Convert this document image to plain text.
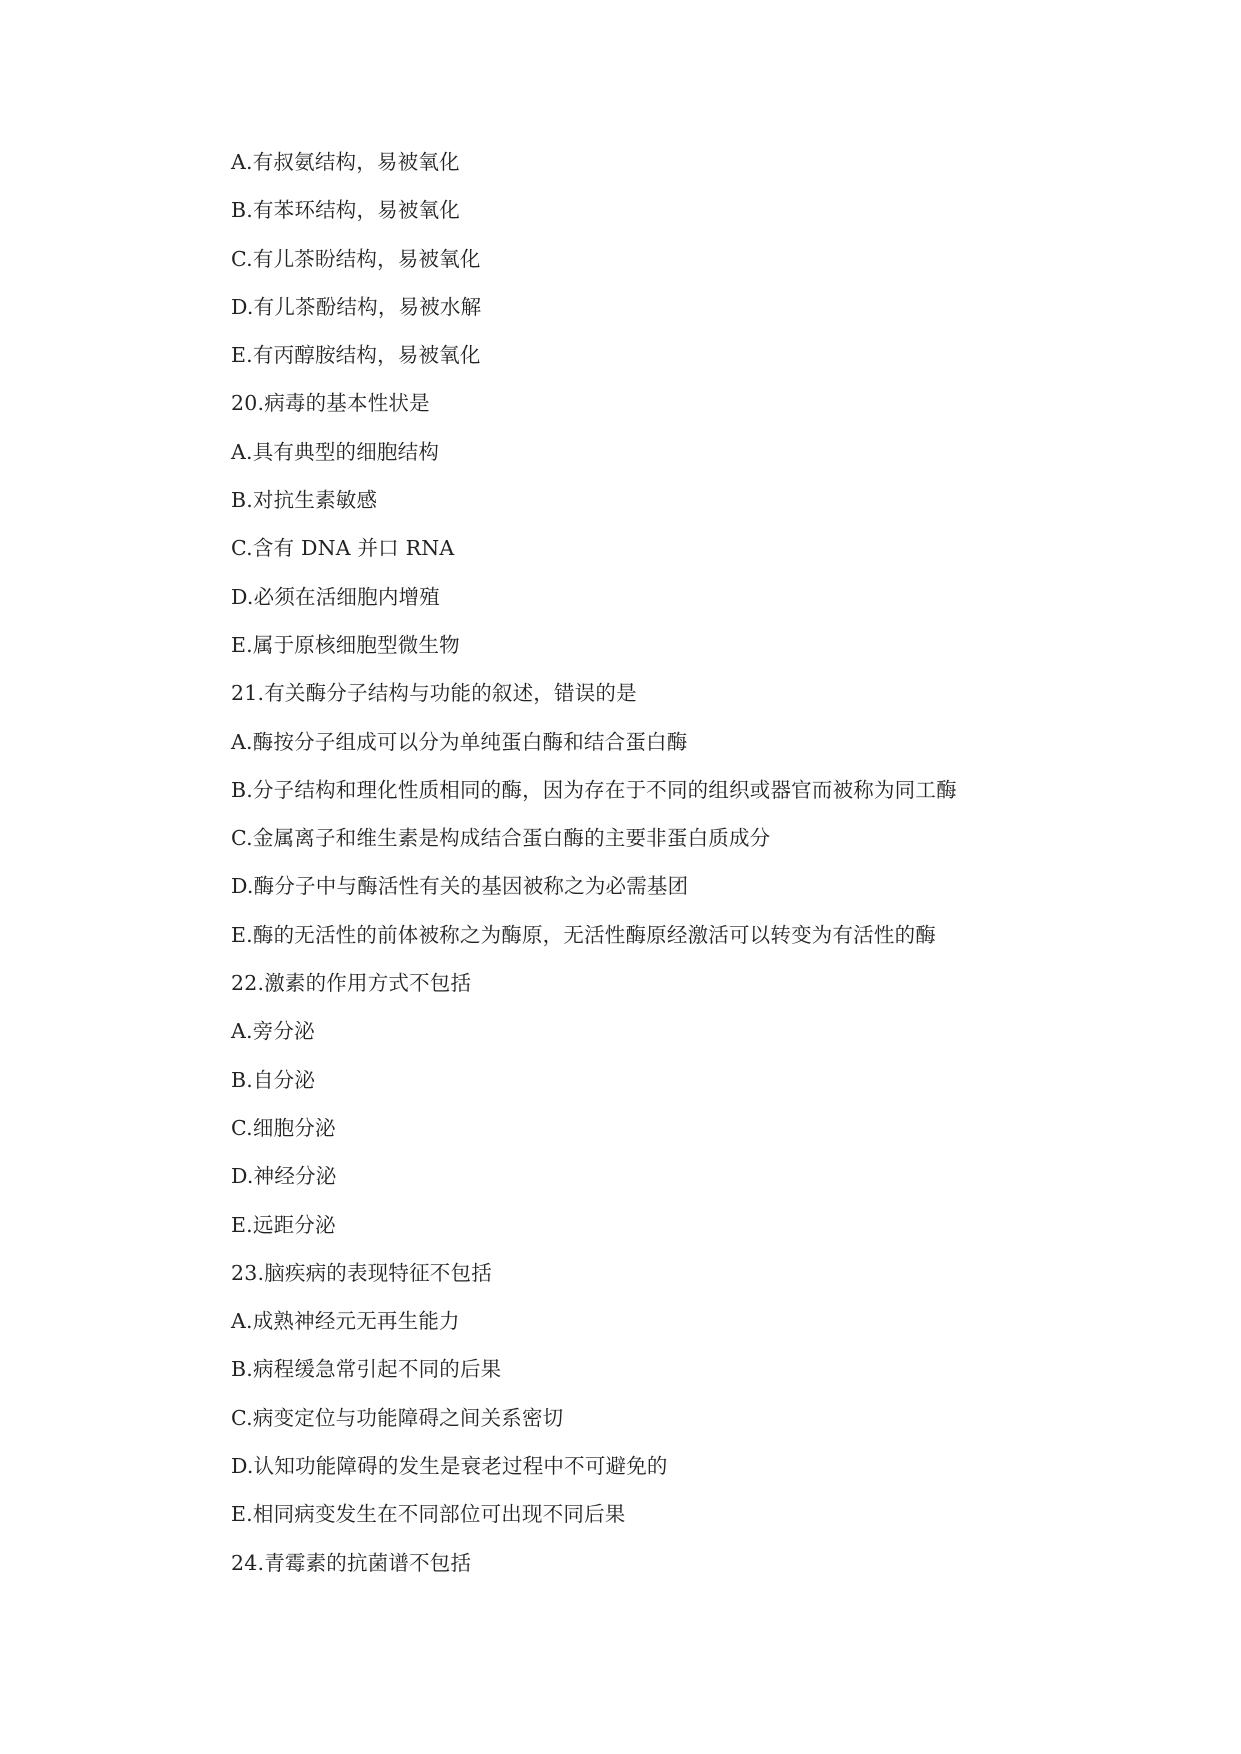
A.有叔氨结构，易被氧化
B.有苯环结构，易被氧化
C.有儿茶盼结构，易被氧化
D.有儿茶酚结构，易被水解
E.有丙醇胺结构，易被氧化
20.病毒的基本性状是
A.具有典型的细胞结构
B.对抗生素敏感
C.含有 DNA 并口 RNA
D.必须在活细胞内增殖
E.属于原核细胞型微生物
21.有关酶分子结构与功能的叙述，错误的是
A.酶按分子组成可以分为单纯蛋白酶和结合蛋白酶
B.分子结构和理化性质相同的酶，因为存在于不同的组织或器官而被称为同工酶
C.金属离子和维生素是构成结合蛋白酶的主要非蛋白质成分
D.酶分子中与酶活性有关的基因被称之为必需基团
E.酶的无活性的前体被称之为酶原，无活性酶原经激活可以转变为有活性的酶
22.激素的作用方式不包括
A.旁分泌
B.自分泌
C.细胞分泌
D.神经分泌
E.远距分泌
23.脑疾病的表现特征不包括
A.成熟神经元无再生能力
B.病程缓急常引起不同的后果
C.病变定位与功能障碍之间关系密切
D.认知功能障碍的发生是衰老过程中不可避免的
E.相同病变发生在不同部位可出现不同后果
24.青霉素的抗菌谱不包括
